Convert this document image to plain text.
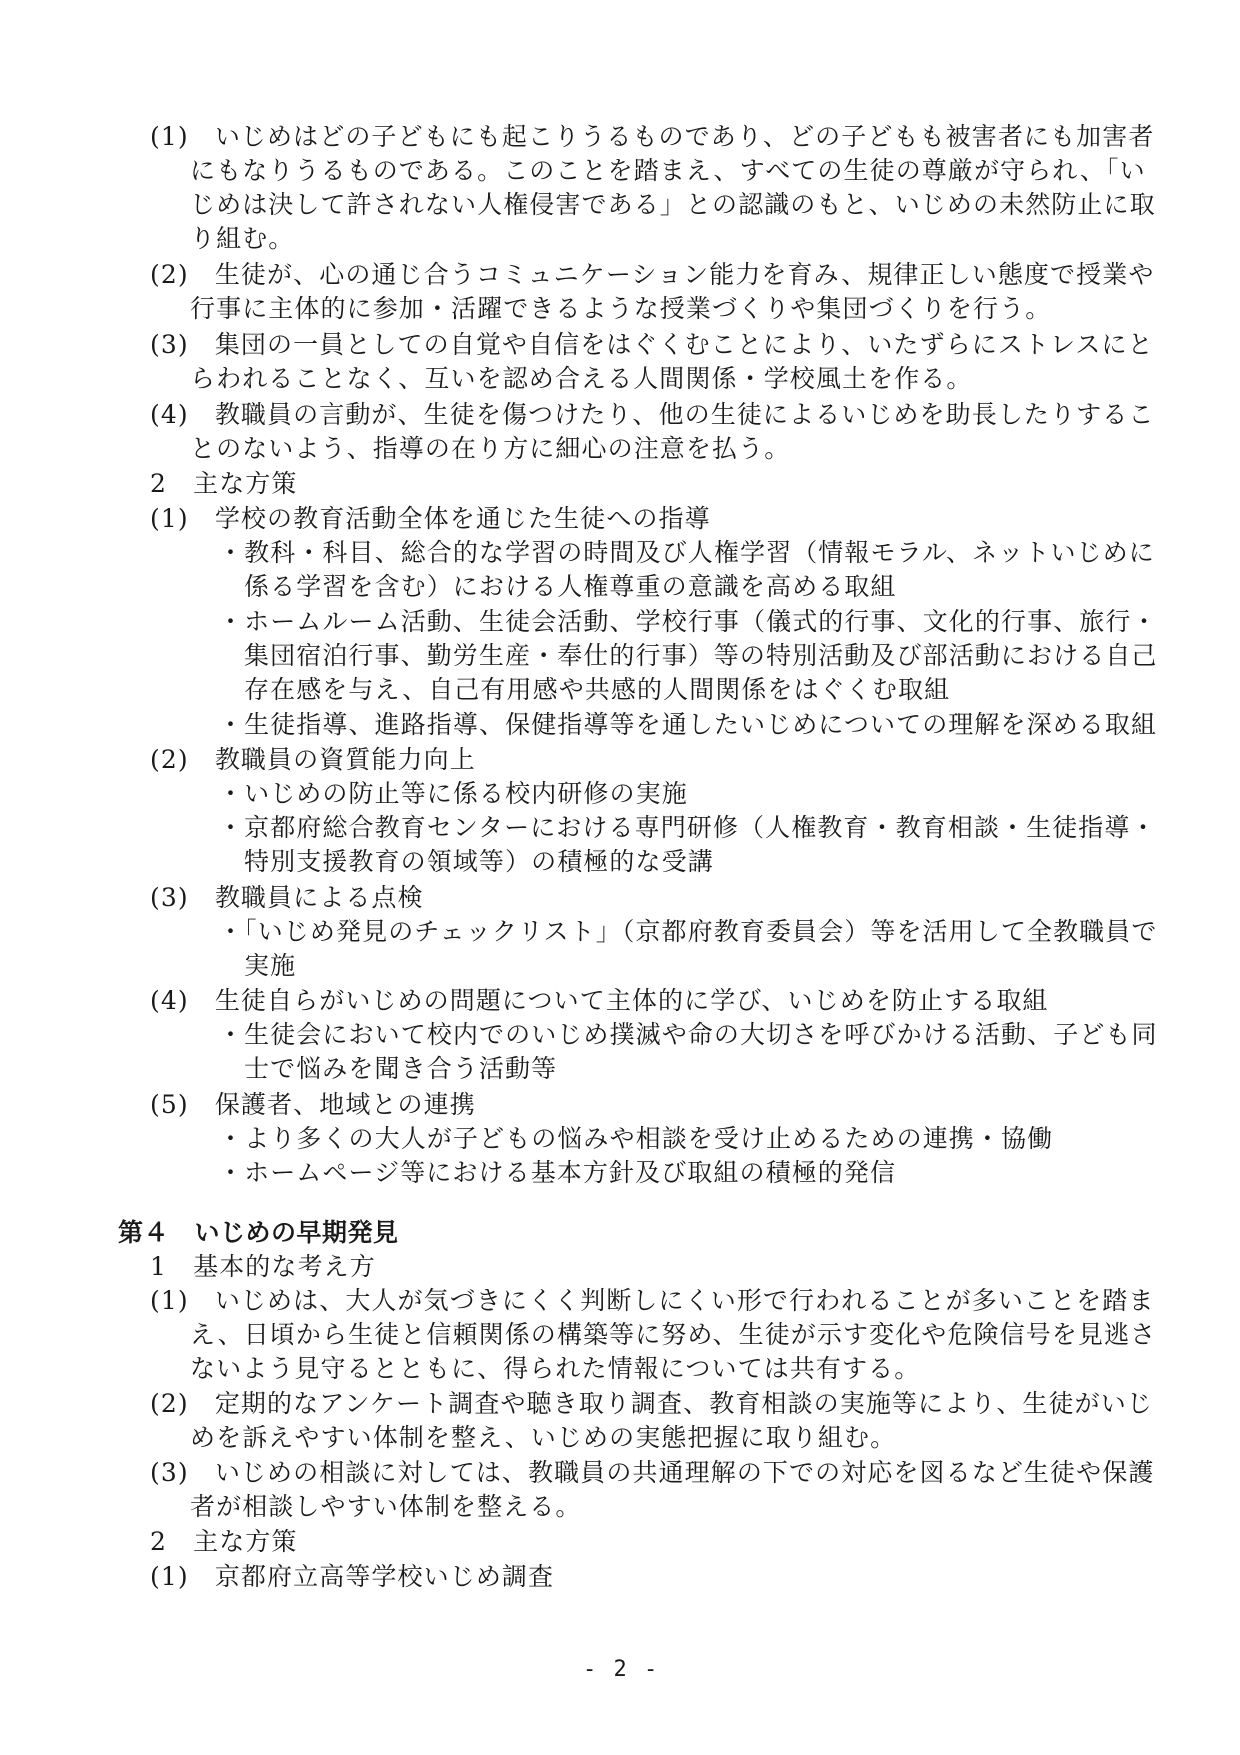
(1)　いじめはどの子どもにも起こりうるものであり、どの子どもも被害者にも加害者
にもなりうるものである。このことを踏まえ、すべての生徒の尊厳が守られ、「い
じめは決して許されない人権侵害である」との認識のもと、いじめの未然防止に取
り組む。
(2)　生徒が、心の通じ合うコミュニケーション能力を育み、規律正しい態度で授業や
行事に主体的に参加・活躍できるような授業づくりや集団づくりを行う。
(3)　集団の一員としての自覚や自信をはぐくむことにより、いたずらにストレスにと
らわれることなく、互いを認め合える人間関係・学校風土を作る。
(4)　教職員の言動が、生徒を傷つけたり、他の生徒によるいじめを助長したりするこ
とのないよう、指導の在り方に細心の注意を払う。
2　主な方策
(1)　学校の教育活動全体を通じた生徒への指導
・教科・科目、総合的な学習の時間及び人権学習（情報モラル、ネットいじめに
係る学習を含む）における人権尊重の意識を高める取組
・ホームルーム活動、生徒会活動、学校行事（儀式的行事、文化的行事、旅行・
集団宿泊行事、勤労生産・奉仕的行事）等の特別活動及び部活動における自己
存在感を与え、自己有用感や共感的人間関係をはぐくむ取組
・生徒指導、進路指導、保健指導等を通したいじめについての理解を深める取組
(2)　教職員の資質能力向上
・いじめの防止等に係る校内研修の実施
・京都府総合教育センターにおける専門研修（人権教育・教育相談・生徒指導・
特別支援教育の領域等）の積極的な受講
(3)　教職員による点検
・「いじめ発見のチェックリスト」（京都府教育委員会）等を活用して全教職員で
実施
(4)　生徒自らがいじめの問題について主体的に学び、いじめを防止する取組
・生徒会において校内でのいじめ撲滅や命の大切さを呼びかける活動、子ども同
士で悩みを聞き合う活動等
(5)　保護者、地域との連携
・より多くの大人が子どもの悩みや相談を受け止めるための連携・協働
・ホームページ等における基本方針及び取組の積極的発信
第４　いじめの早期発見
1　基本的な考え方
(1)　いじめは、大人が気づきにくく判断しにくい形で行われることが多いことを踏ま
え、日頃から生徒と信頼関係の構築等に努め、生徒が示す変化や危険信号を見逃さ
ないよう見守るとともに、得られた情報については共有する。
(2)　定期的なアンケート調査や聴き取り調査、教育相談の実施等により、生徒がいじ
めを訴えやすい体制を整え、いじめの実態把握に取り組む。
(3)　いじめの相談に対しては、教職員の共通理解の下での対応を図るなど生徒や保護
者が相談しやすい体制を整える。
2　主な方策
(1)　京都府立高等学校いじめ調査
- 2 -
